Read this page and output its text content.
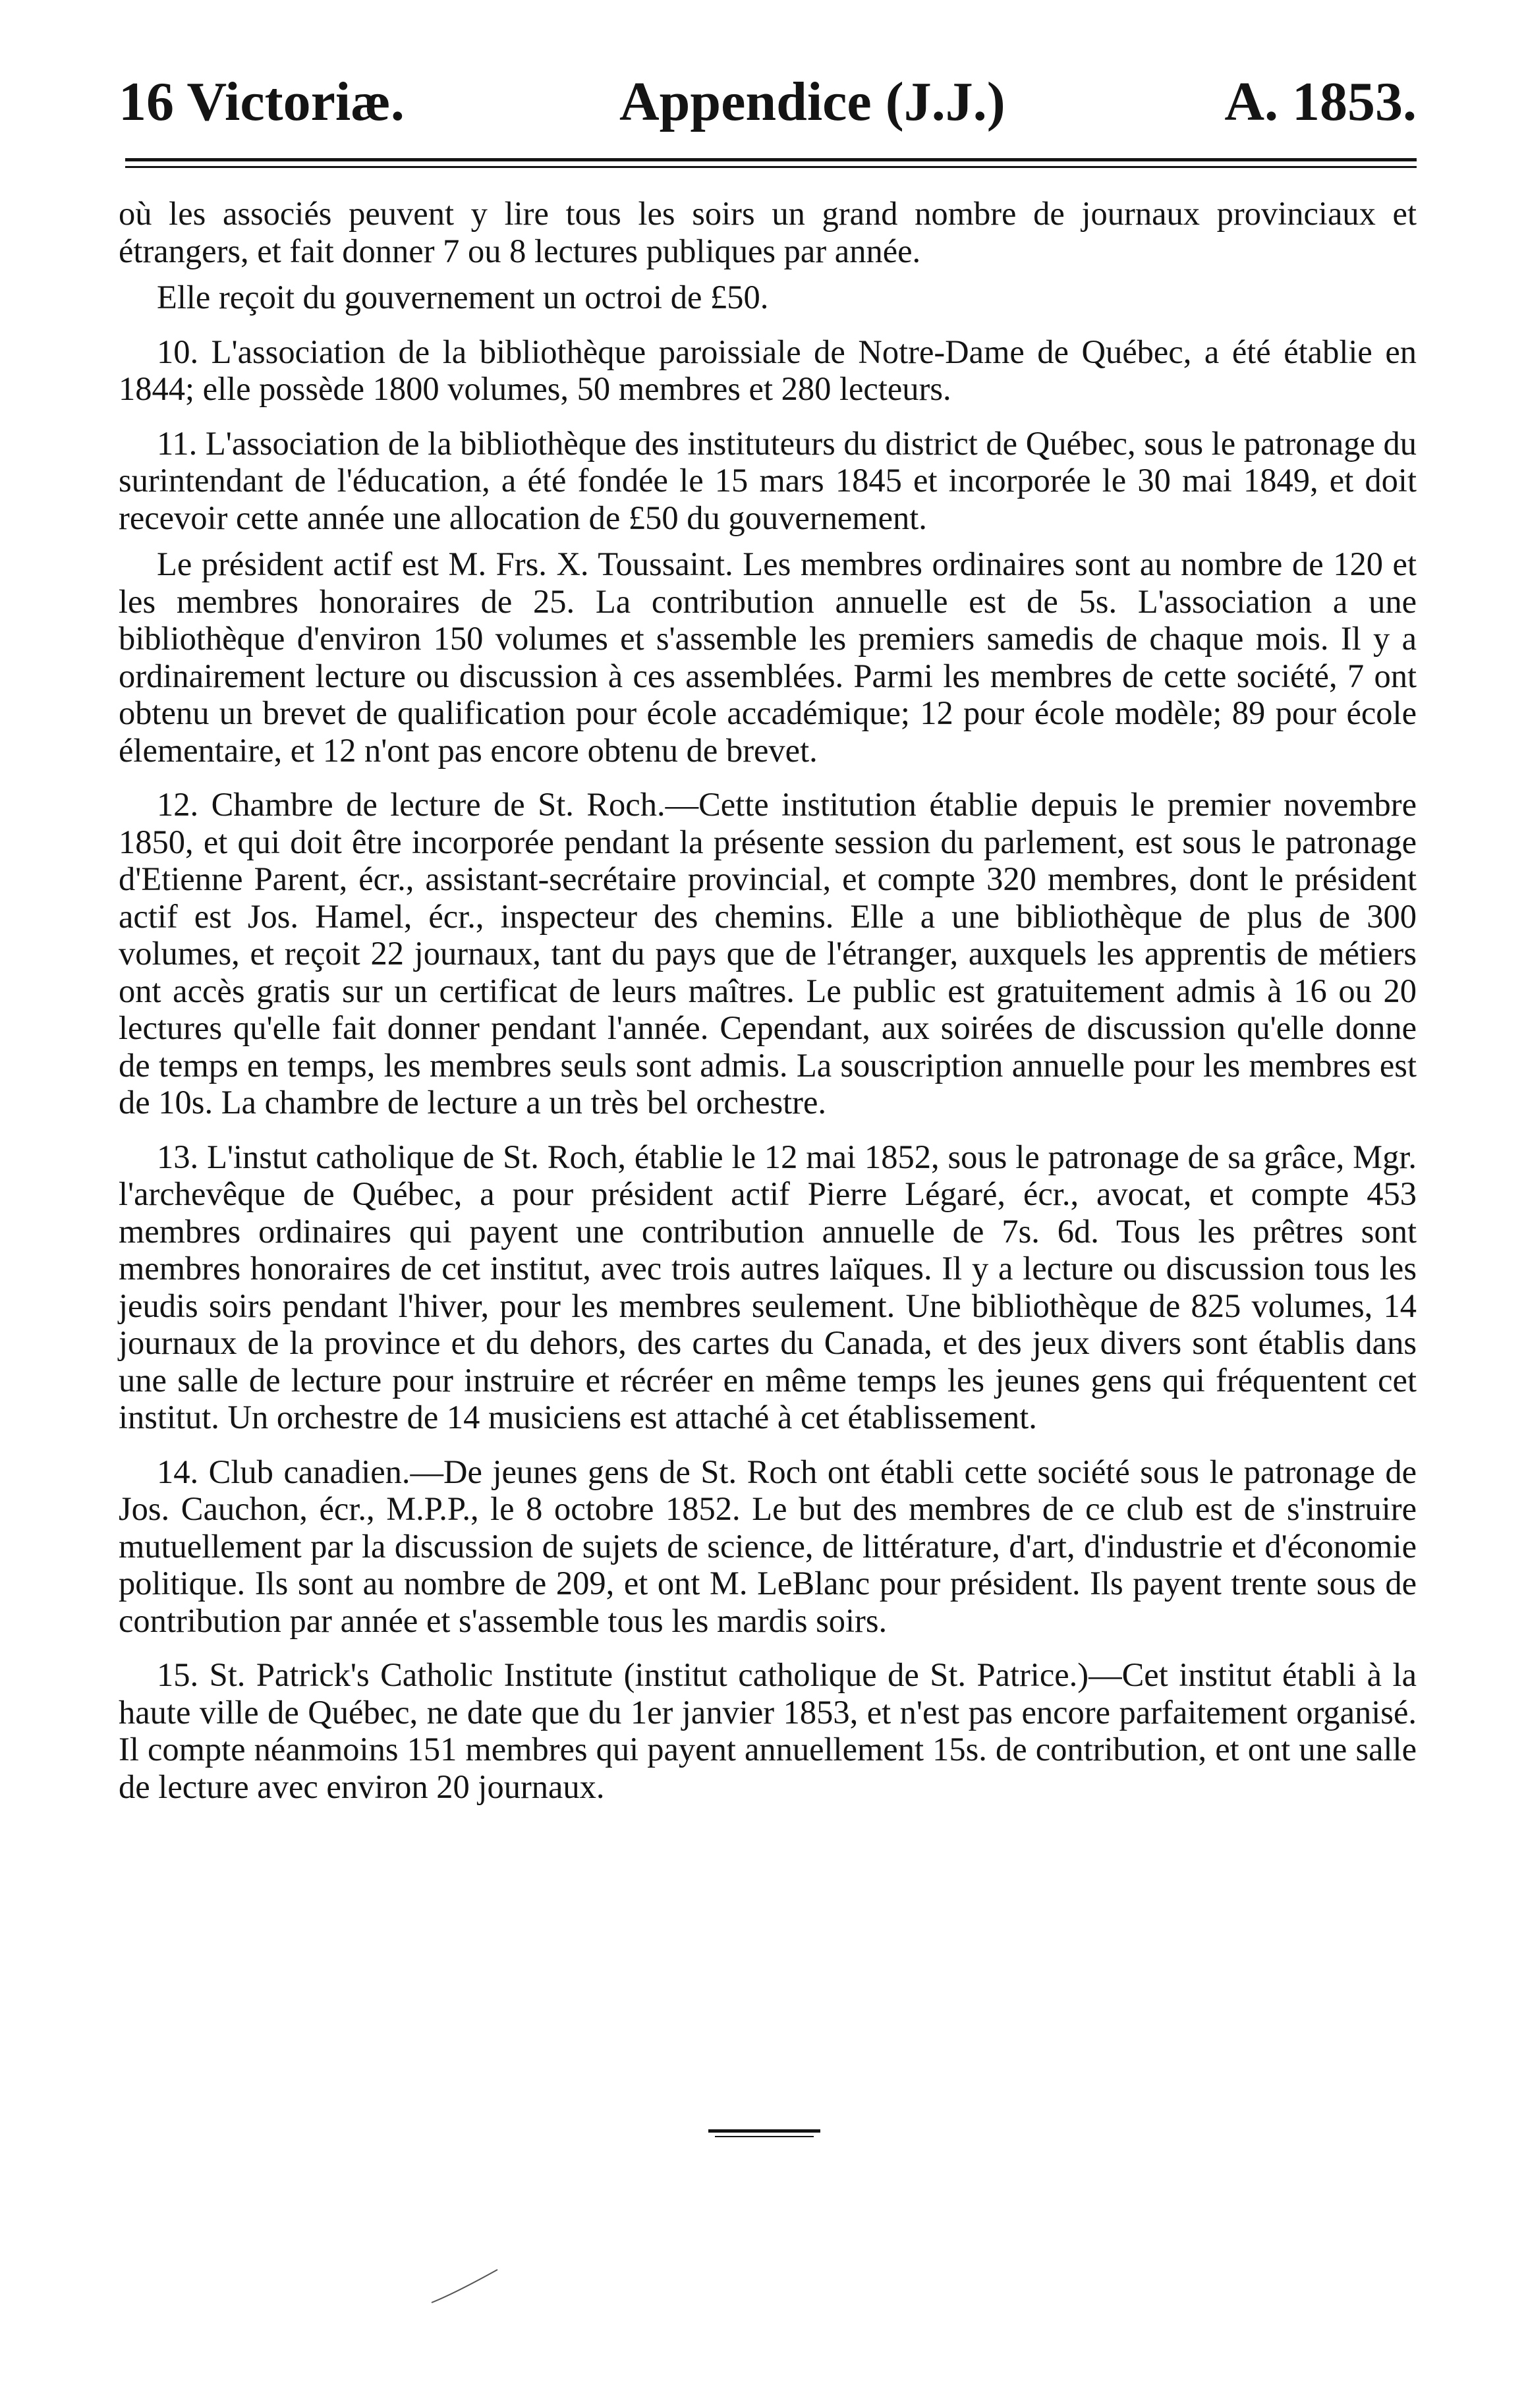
16 Victoriæ.	Appendice (J.J.)	A. 1853.

où les associés peuvent y lire tous les soirs un grand nombre de journaux provinciaux et étrangers, et fait donner 7 ou 8 lectures publiques par année.

Elle reçoit du gouvernement un octroi de £50.

10. L'association de la bibliothèque paroissiale de Notre-Dame de Québec, a été établie en 1844; elle possède 1800 volumes, 50 membres et 280 lecteurs.

11. L'association de la bibliothèque des instituteurs du district de Québec, sous le patronage du surintendant de l'éducation, a été fondée le 15 mars 1845 et incorporée le 30 mai 1849, et doit recevoir cette année une allocation de £50 du gouvernement.

Le président actif est M. Frs. X. Toussaint. Les membres ordinaires sont au nombre de 120 et les membres honoraires de 25. La contribution annuelle est de 5s. L'association a une bibliothèque d'environ 150 volumes et s'assemble les premiers samedis de chaque mois. Il y a ordinairement lecture ou discussion à ces assemblées. Parmi les membres de cette société, 7 ont obtenu un brevet de qualification pour école accadémique; 12 pour école modèle; 89 pour école élementaire, et 12 n'ont pas encore obtenu de brevet.

12. Chambre de lecture de St. Roch.—Cette institution établie depuis le premier novembre 1850, et qui doit être incorporée pendant la présente session du parlement, est sous le patronage d'Etienne Parent, écr., assistant-secrétaire provincial, et compte 320 membres, dont le président actif est Jos. Hamel, écr., inspecteur des chemins. Elle a une bibliothèque de plus de 300 volumes, et reçoit 22 journaux, tant du pays que de l'étranger, auxquels les apprentis de métiers ont accès gratis sur un certificat de leurs maîtres. Le public est gratuitement admis à 16 ou 20 lectures qu'elle fait donner pendant l'année. Cependant, aux soirées de discussion qu'elle donne de temps en temps, les membres seuls sont admis. La souscription annuelle pour les membres est de 10s. La chambre de lecture a un très bel orchestre.

13. L'instut catholique de St. Roch, établie le 12 mai 1852, sous le patronage de sa grâce, Mgr. l'archevêque de Québec, a pour président actif Pierre Légaré, écr., avocat, et compte 453 membres ordinaires qui payent une contribution annuelle de 7s. 6d. Tous les prêtres sont membres honoraires de cet institut, avec trois autres laïques. Il y a lecture ou discussion tous les jeudis soirs pendant l'hiver, pour les membres seulement. Une bibliothèque de 825 volumes, 14 journaux de la province et du dehors, des cartes du Canada, et des jeux divers sont établis dans une salle de lecture pour instruire et récréer en même temps les jeunes gens qui fréquentent cet institut. Un orchestre de 14 musiciens est attaché à cet établissement.

14. Club canadien.—De jeunes gens de St. Roch ont établi cette société sous le patronage de Jos. Cauchon, écr., M.P.P., le 8 octobre 1852. Le but des membres de ce club est de s'instruire mutuellement par la discussion de sujets de science, de littérature, d'art, d'industrie et d'économie politique. Ils sont au nombre de 209, et ont M. LeBlanc pour président. Ils payent trente sous de contribution par année et s'assemble tous les mardis soirs.

15. St. Patrick's Catholic Institute (institut catholique de St. Patrice.)—Cet institut établi à la haute ville de Québec, ne date que du 1er janvier 1853, et n'est pas encore parfaitement organisé. Il compte néanmoins 151 membres qui payent annuellement 15s. de contribution, et ont une salle de lecture avec environ 20 journaux.
